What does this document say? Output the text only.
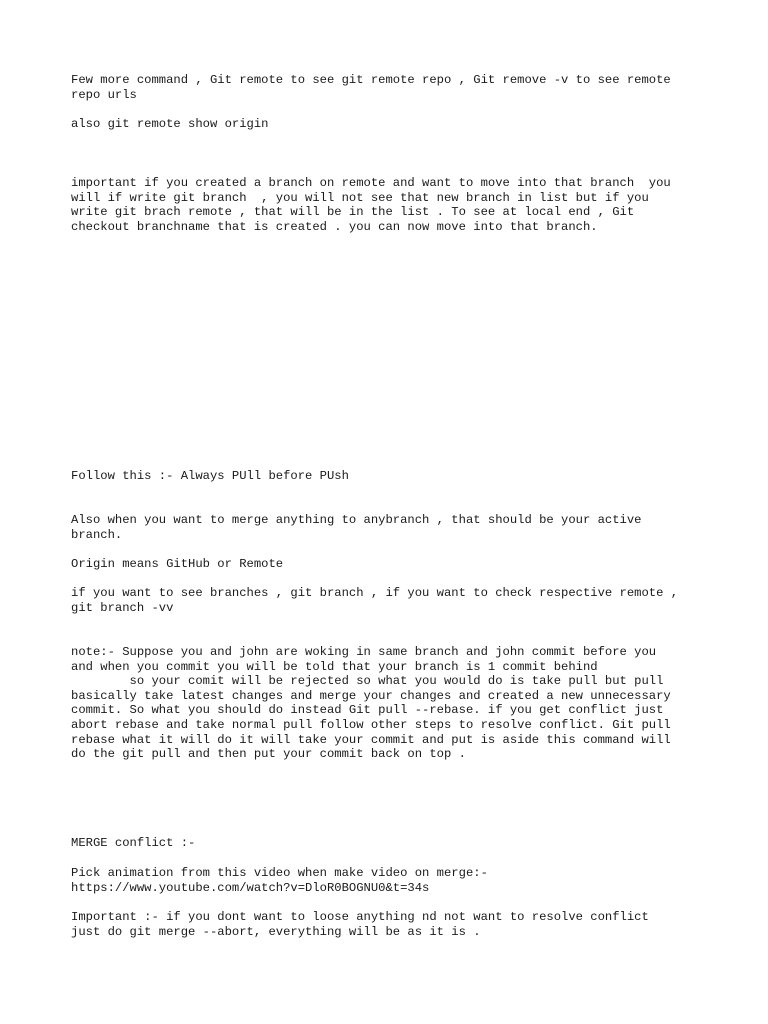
Few more command , Git remote to see git remote repo , Git remove -v to see remote
repo urls

also git remote show origin

important if you created a branch on remote and want to move into that branch  you
will if write git branch  , you will not see that new branch in list but if you
write git brach remote , that will be in the list . To see at local end , Git
checkout branchname that is created . you can now move into that branch.

Follow this :- Always PUll before PUsh

Also when you want to merge anything to anybranch , that should be your active
branch.

Origin means GitHub or Remote

if you want to see branches , git branch , if you want to check respective remote ,
git branch -vv

note:- Suppose you and john are woking in same branch and john commit before you
and when you commit you will be told that your branch is 1 commit behind
so your comit will be rejected so what you would do is take pull but pull
basically take latest changes and merge your changes and created a new unnecessary
commit. So what you should do instead Git pull --rebase. if you get conflict just
abort rebase and take normal pull follow other steps to resolve conflict. Git pull
rebase what it will do it will take your commit and put is aside this command will
do the git pull and then put your commit back on top .

MERGE conflict :-

Pick animation from this video when make video on merge:-
https://www.youtube.com/watch?v=DloR0BOGNU0&t=34s

Important :- if you dont want to loose anything nd not want to resolve conflict
just do git merge --abort, everything will be as it is .
